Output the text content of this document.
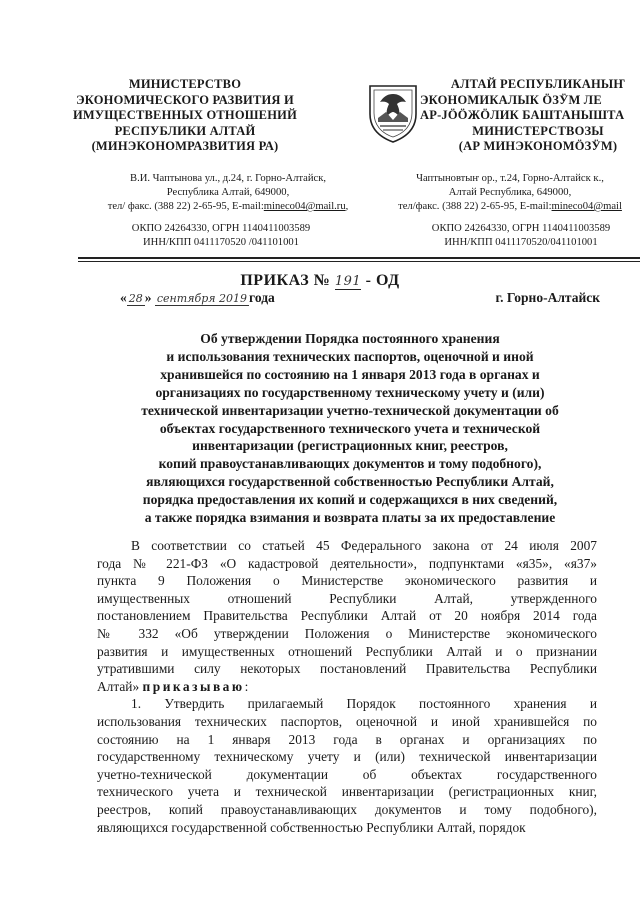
МИНИСТЕРСТВО
ЭКОНОМИЧЕСКОГО РАЗВИТИЯ И
ИМУЩЕСТВЕННЫХ ОТНОШЕНИЙ
РЕСПУБЛИКИ АЛТАЙ
(МИНЭКОНОМРАЗВИТИЯ РА)
АЛТАЙ РЕСПУБЛИКАНЫҤ
ЭКОНОМИКАЛЫК ӦЗӰМ ЛЕ
АР-JӦӦЖӦЛИК БАШТАНЫШТА
МИНИСТЕРСТВОЗЫ
(АР МИНЭКОНОМӦЗӰМ)
В.И. Чаптынова ул., д.24, г. Горно-Алтайск,
Республика Алтай, 649000,
тел/ факс. (388 22) 2-65-95, E-mail:mineco04@mail.ru,
Чаптыновтыҥ ор., т.24, Горно-Алтайск к.,
Алтай Республика, 649000,
тел/факс. (388 22) 2-65-95, E-mail:mineco04@mail
ОКПО 24264330, ОГРН 1140411003589
ИНН/КПП 0411170520 /041101001
ОКПО 24264330, ОГРН 1140411003589
ИНН/КПП 0411170520/041101001
ПРИКАЗ № 191 - ОД
« 28 » сентября 2019 года	г. Горно-Алтайск
Об утверждении Порядка постоянного хранения
и использования технических паспортов, оценочной и иной
хранившейся по состоянию на 1 января 2013 года в органах и
организациях по государственному техническому учету и (или)
технической инвентаризации учетно-технической документации об
объектах государственного технического учета и технической
инвентаризации (регистрационных книг, реестров,
копий правоустанавливающих документов и тому подобного),
являющихся государственной собственностью Республики Алтай,
порядка предоставления их копий и содержащихся в них сведений,
а также порядка взимания и возврата платы за их предоставление
В соответствии со статьей 45 Федерального закона от 24 июля 2007
года № 221-ФЗ «О кадастровой деятельности», подпунктами «я35», «я37»
пункта 9 Положения о Министерстве экономического развития и
имущественных отношений Республики Алтай, утвержденного
постановлением Правительства Республики Алтай от 20 ноября 2014 года
№ 332 «Об утверждении Положения о Министерстве экономического
развития и имущественных отношений Республики Алтай и о признании
утратившими силу некоторых постановлений Правительства Республики
Алтай» приказываю:
1. Утвердить прилагаемый Порядок постоянного хранения и
использования технических паспортов, оценочной и иной хранившейся по
состоянию на 1 января 2013 года в органах и организациях по
государственному техническому учету и (или) технической инвентаризации
учетно-технической документации об объектах государственного
технического учета и технической инвентаризации (регистрационных книг,
реестров, копий правоустанавливающих документов и тому подобного),
являющихся государственной собственностью Республики Алтай, порядок
